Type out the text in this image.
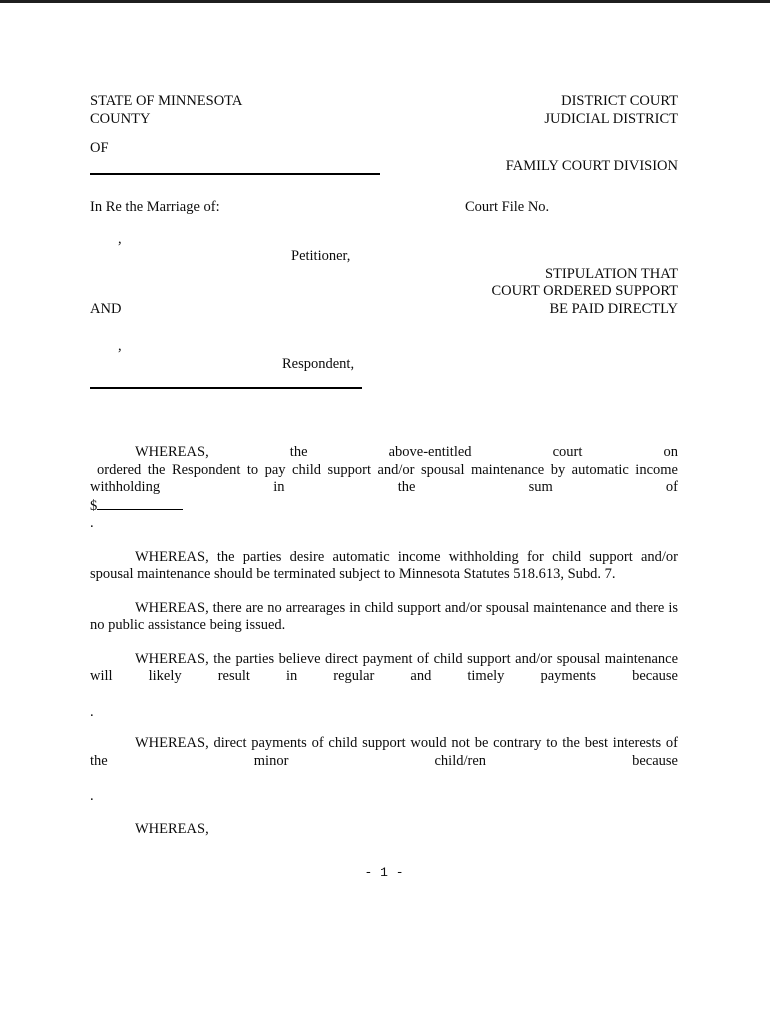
STATE OF MINNESOTA	DISTRICT COURT
COUNTY	JUDICIAL DISTRICT
OF
FAMILY COURT DIVISION
In Re the Marriage of:	Court File No.
,
Petitioner,
STIPULATION THAT
COURT ORDERED SUPPORT
AND	BE PAID DIRECTLY
,
Respondent,
WHEREAS,	the	above-entitled	court	on
ordered the Respondent to pay child support and/or spousal maintenance by automatic income
withholding	in	the	sum	of
$
.

WHEREAS, the parties desire automatic income withholding for child support and/or spousal maintenance should be terminated subject to Minnesota Statutes 518.613, Subd. 7.

WHEREAS, there are no arrearages in child support and/or spousal maintenance and there is no public assistance being issued.

WHEREAS, the parties believe direct payment of child support and/or spousal maintenance
will likely result in regular and timely payments because
.
WHEREAS, direct payments of child support would not be contrary to the best interests of
the	minor	child/ren	because
.
WHEREAS,
- 1 -
